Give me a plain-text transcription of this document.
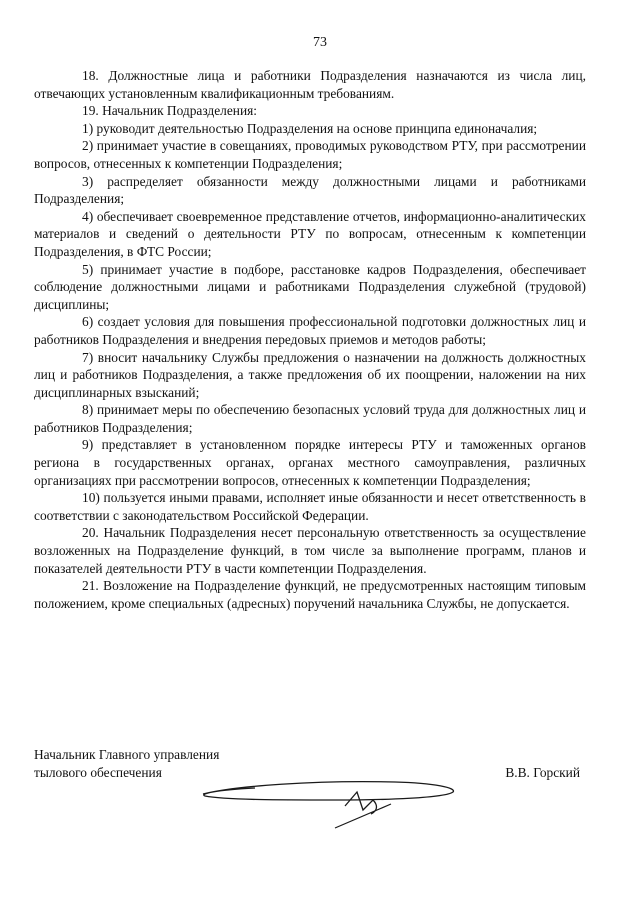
73

18. Должностные лица и работники Подразделения назначаются из числа лиц, отвечающих установленным квалификационным требованиям.

19. Начальник Подразделения:

1) руководит деятельностью Подразделения на основе принципа единоначалия;

2) принимает участие в совещаниях, проводимых руководством РТУ, при рассмотрении вопросов, отнесенных к компетенции Подразделения;

3) распределяет обязанности между должностными лицами и работниками Подразделения;

4) обеспечивает своевременное представление отчетов, информационно-аналитических материалов и сведений о деятельности РТУ по вопросам, отнесенным к компетенции Подразделения, в ФТС России;

5) принимает участие в подборе, расстановке кадров Подразделения, обеспечивает соблюдение должностными лицами и работниками Подразделения служебной (трудовой) дисциплины;

6) создает условия для повышения профессиональной подготовки должностных лиц и работников Подразделения и внедрения передовых приемов и методов работы;

7) вносит начальнику Службы предложения о назначении на должность должностных лиц и работников Подразделения, а также предложения об их поощрении, наложении на них дисциплинарных взысканий;

8) принимает меры по обеспечению безопасных условий труда для должностных лиц и работников Подразделения;

9) представляет в установленном порядке интересы РТУ и таможенных органов региона в государственных органах, органах местного самоуправления, различных организациях при рассмотрении вопросов, отнесенных к компетенции Подразделения;

10) пользуется иными правами, исполняет иные обязанности и несет ответственность в соответствии с законодательством Российской Федерации.

20. Начальник Подразделения несет персональную ответственность за осуществление возложенных на Подразделение функций, в том числе за выполнение программ, планов и показателей деятельности РТУ в части компетенции Подразделения.

21. Возложение на Подразделение функций, не предусмотренных настоящим типовым положением, кроме специальных (адресных) поручений начальника Службы, не допускается.

Начальник Главного управления

тылового обеспечения	В.В. Горский
